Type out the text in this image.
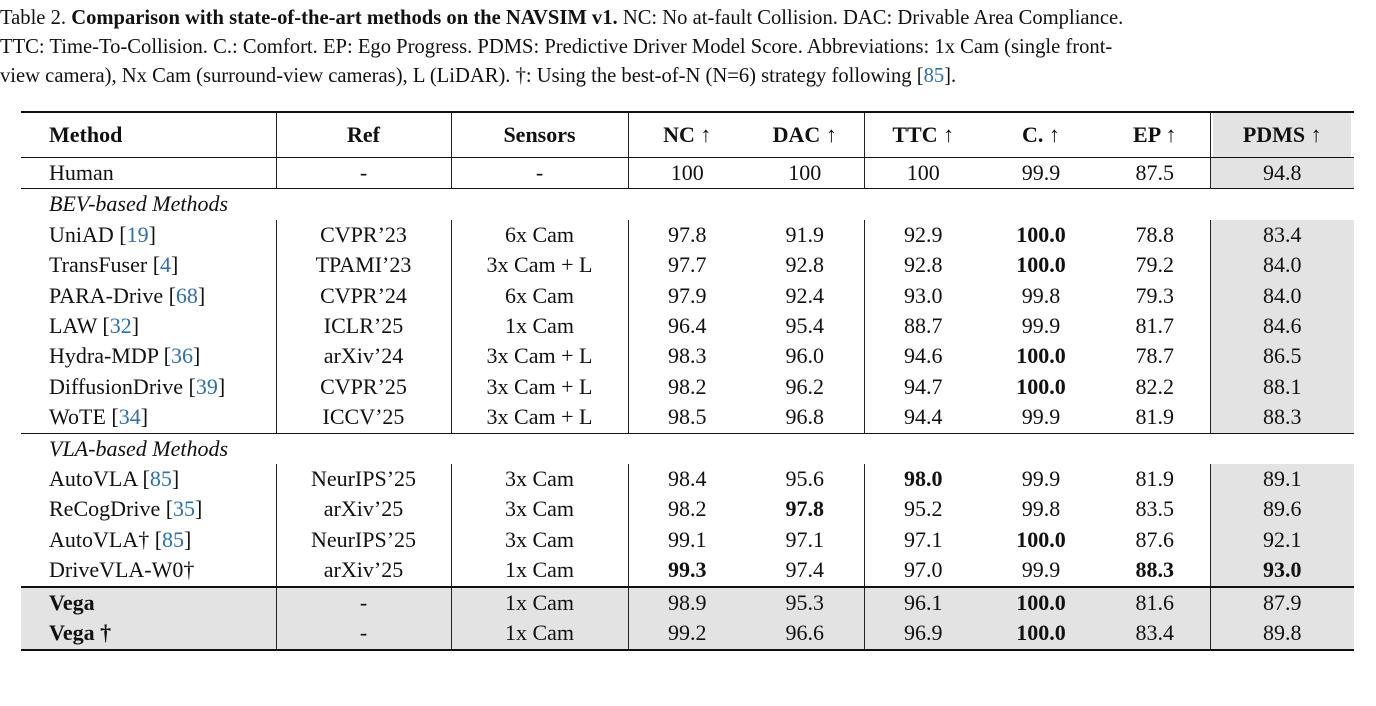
Table 2. Comparison with state-of-the-art methods on the NAVSIM v1. NC: No at-fault Collision. DAC: Drivable Area Compliance.
TTC: Time-To-Collision. C.: Comfort. EP: Ego Progress. PDMS: Predictive Driver Model Score. Abbreviations: 1x Cam (single front-
view camera), Nx Cam (surround-view cameras), L (LiDAR). †: Using the best-of-N (N=6) strategy following [85].
Method	Ref	Sensors	NC ↑	DAC ↑	TTC ↑	C. ↑	EP ↑	PDMS ↑
Human	-	-	100	100	100	99.9	87.5	94.8
BEV-based Methods								
UniAD [19]	CVPR’23	6x Cam	97.8	91.9	92.9	100.0	78.8	83.4
TransFuser [4]	TPAMI’23	3x Cam + L	97.7	92.8	92.8	100.0	79.2	84.0
PARA-Drive [68]	CVPR’24	6x Cam	97.9	92.4	93.0	99.8	79.3	84.0
LAW [32]	ICLR’25	1x Cam	96.4	95.4	88.7	99.9	81.7	84.6
Hydra-MDP [36]	arXiv’24	3x Cam + L	98.3	96.0	94.6	100.0	78.7	86.5
DiffusionDrive [39]	CVPR’25	3x Cam + L	98.2	96.2	94.7	100.0	82.2	88.1
WoTE [34]	ICCV’25	3x Cam + L	98.5	96.8	94.4	99.9	81.9	88.3
VLA-based Methods								
AutoVLA [85]	NeurIPS’25	3x Cam	98.4	95.6	98.0	99.9	81.9	89.1
ReCogDrive [35]	arXiv’25	3x Cam	98.2	97.8	95.2	99.8	83.5	89.6
AutoVLA† [85]	NeurIPS’25	3x Cam	99.1	97.1	97.1	100.0	87.6	92.1
DriveVLA-W0†	arXiv’25	1x Cam	99.3	97.4	97.0	99.9	88.3	93.0
Vega	-	1x Cam	98.9	95.3	96.1	100.0	81.6	87.9
Vega †	-	1x Cam	99.2	96.6	96.9	100.0	83.4	89.8
